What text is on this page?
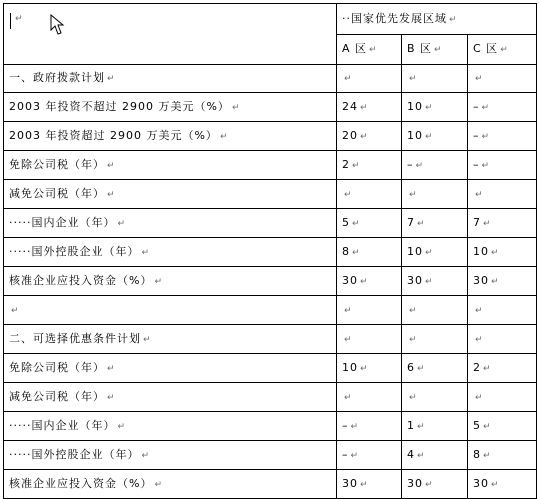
↵	··国家优先发展区域 ↵		
	A 区 ↵	B 区 ↵	C 区 ↵
一、政府拨款计划 ↵	↵	↵	↵
2003 年投资不超过 2900 万美元（%） ↵	24 ↵	10 ↵	– ↵
2003 年投资超过 2900 万美元（%） ↵	20 ↵	10 ↵	– ↵
免除公司税（年） ↵	2 ↵	– ↵	– ↵
减免公司税（年） ↵	↵	↵	↵
·····国内企业（年） ↵	5 ↵	7 ↵	7 ↵
·····国外控股企业（年） ↵	8 ↵	10 ↵	10 ↵
核准企业应投入资金（%） ↵	30 ↵	30 ↵	30 ↵
↵	↵	↵	↵
二、可选择优惠条件计划 ↵	↵	↵	↵
免除公司税（年） ↵	10 ↵	6 ↵	2 ↵
减免公司税（年） ↵	↵	↵	↵
·····国内企业（年） ↵	– ↵	1 ↵	5 ↵
·····国外控股企业（年） ↵	– ↵	4 ↵	8 ↵
核准企业应投入资金（%） ↵	30 ↵	30 ↵	30 ↵
